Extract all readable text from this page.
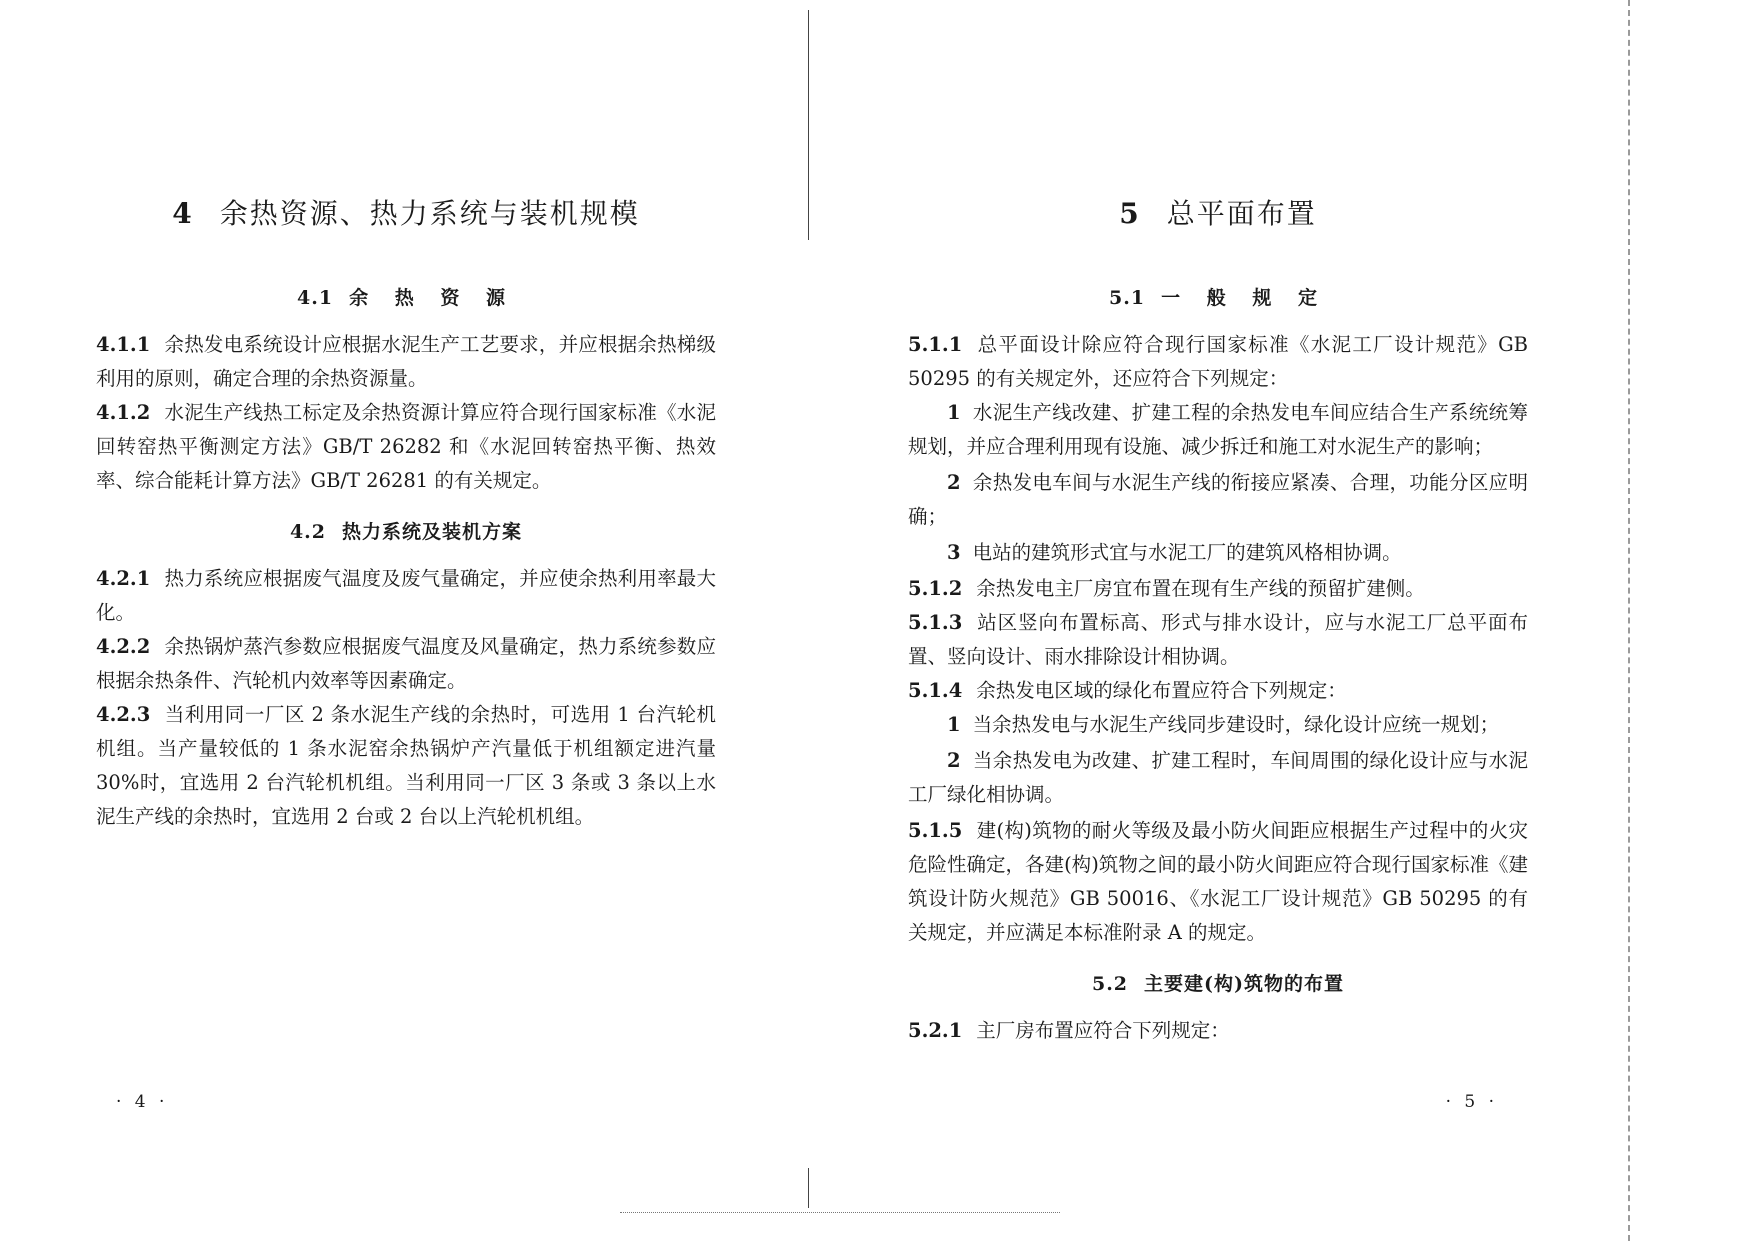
4 余热资源、热力系统与装机规模
4.1 余 热 资 源

4.1.1 余热发电系统设计应根据水泥生产工艺要求，并应根据余热梯级利用的原则，确定合理的余热资源量。

4.1.2 水泥生产线热工标定及余热资源计算应符合现行国家标准《水泥回转窑热平衡测定方法》GB/T 26282 和《水泥回转窑热平衡、热效率、综合能耗计算方法》GB/T 26281 的有关规定。

4.2 热力系统及装机方案

4.2.1 热力系统应根据废气温度及废气量确定，并应使余热利用率最大化。

4.2.2 余热锅炉蒸汽参数应根据废气温度及风量确定，热力系统参数应根据余热条件、汽轮机内效率等因素确定。

4.2.3 当利用同一厂区 2 条水泥生产线的余热时，可选用 1 台汽轮机机组。当产量较低的 1 条水泥窑余热锅炉产汽量低于机组额定进汽量 30%时，宜选用 2 台汽轮机机组。当利用同一厂区 3 条或 3 条以上水泥生产线的余热时，宜选用 2 台或 2 台以上汽轮机机组。

· 4 ·
5 总平面布置
5.1 一 般 规 定

5.1.1 总平面设计除应符合现行国家标准《水泥工厂设计规范》GB 50295 的有关规定外，还应符合下列规定：

1 水泥生产线改建、扩建工程的余热发电车间应结合生产系统统筹规划，并应合理利用现有设施、减少拆迁和施工对水泥生产的影响；

2 余热发电车间与水泥生产线的衔接应紧凑、合理，功能分区应明确；

3 电站的建筑形式宜与水泥工厂的建筑风格相协调。

5.1.2 余热发电主厂房宜布置在现有生产线的预留扩建侧。

5.1.3 站区竖向布置标高、形式与排水设计，应与水泥工厂总平面布置、竖向设计、雨水排除设计相协调。

5.1.4 余热发电区域的绿化布置应符合下列规定：

1 当余热发电与水泥生产线同步建设时，绿化设计应统一规划；

2 当余热发电为改建、扩建工程时，车间周围的绿化设计应与水泥工厂绿化相协调。

5.1.5 建(构)筑物的耐火等级及最小防火间距应根据生产过程中的火灾危险性确定，各建(构)筑物之间的最小防火间距应符合现行国家标准《建筑设计防火规范》GB 50016、《水泥工厂设计规范》GB 50295 的有关规定，并应满足本标准附录 A 的规定。

5.2 主要建(构)筑物的布置

5.2.1 主厂房布置应符合下列规定：

· 5 ·
